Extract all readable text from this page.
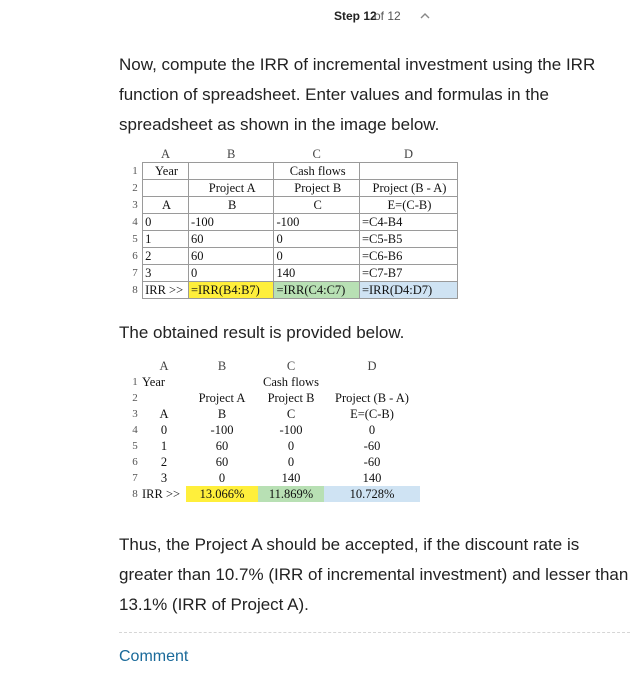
Step 12
of 12

Now, compute the IRR of incremental investment using the IRR function of spreadsheet. Enter values and formulas in the spreadsheet as shown in the image below.

	A	B	C	D
1	Year		Cash flows	
2		Project A	Project B	Project (B - A)
3	A	B	C	E=(C-B)
4	0	-100	-100	=C4-B4
5	1	60	0	=C5-B5
6	2	60	0	=C6-B6
7	3	0	140	=C7-B7
8	IRR >>	=IRR(B4:B7)	=IRR(C4:C7)	=IRR(D4:D7)

The obtained result is provided below.

	A	B	C	D
1	Year		Cash flows	
2		Project A	Project B	Project (B - A)
3	A	B	C	E=(C-B)
4	0	-100	-100	0
5	1	60	0	-60
6	2	60	0	-60
7	3	0	140	140
8	IRR >>	13.066%	11.869%	10.728%

Thus, the Project A should be accepted, if the discount rate is greater than 10.7% (IRR of incremental investment) and lesser than 13.1% (IRR of Project A).

Comment
